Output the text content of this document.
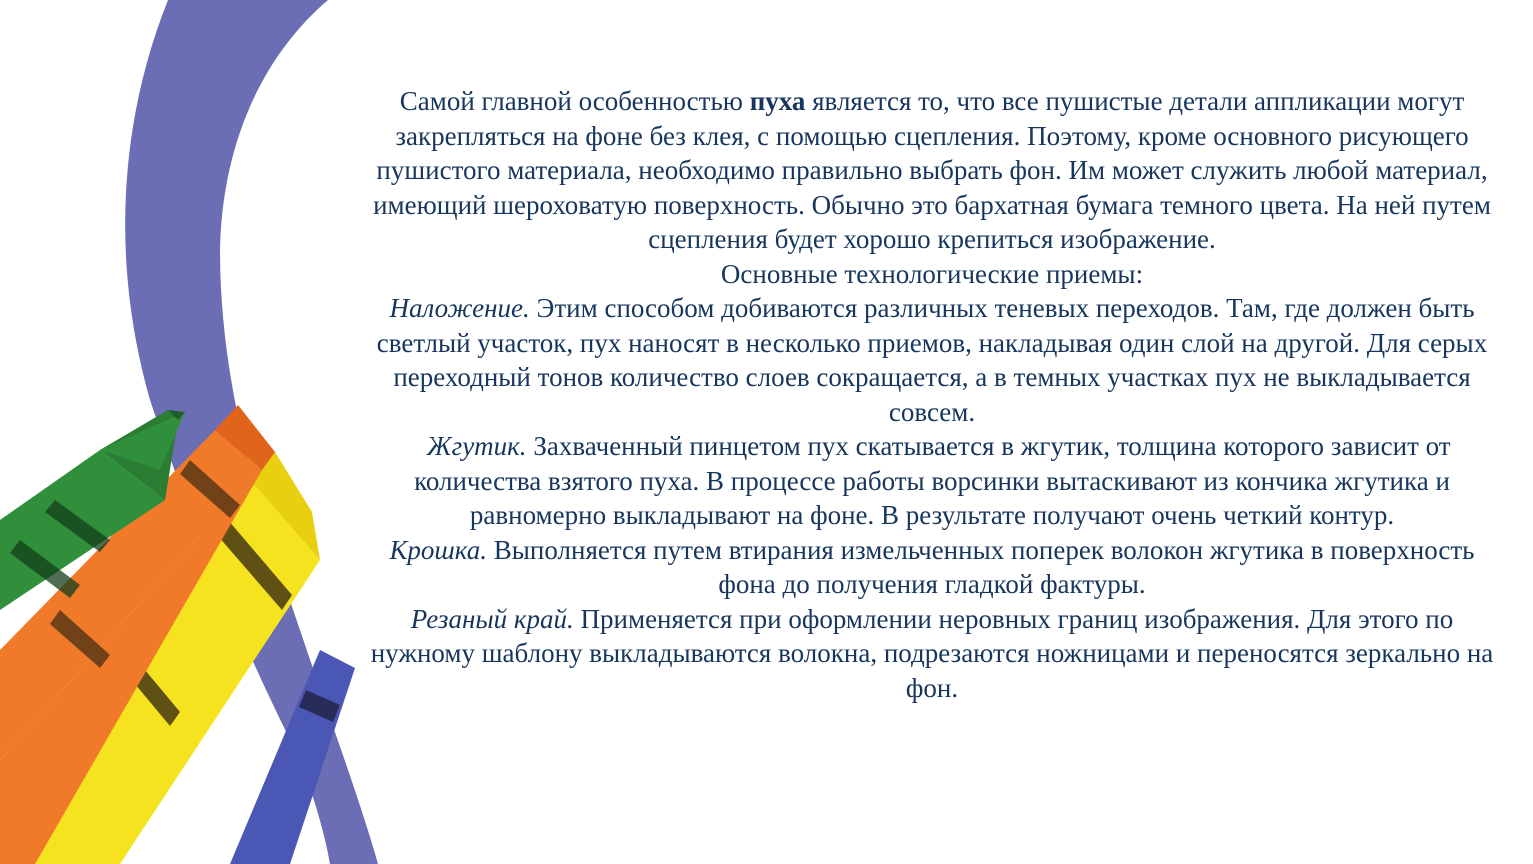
Самой главной особенностью пуха является то, что все пушистые детали аппликации могут закрепляться на фоне без клея, с помощью сцепления. Поэтому, кроме основного рисующего пушистого материала, необходимо правильно выбрать фон. Им может служить любой материал, имеющий шероховатую поверхность. Обычно это бархатная бумага темного цвета. На ней путем сцепления будет хорошо крепиться изображение.

Основные технологические приемы:

Наложение. Этим способом добиваются различных теневых переходов. Там, где должен быть светлый участок, пух наносят в несколько приемов, накладывая один слой на другой. Для серых переходный тонов количество слоев сокращается, а в темных участках пух не выкладывается совсем.

Жгутик. Захваченный пинцетом пух скатывается в жгутик, толщина которого зависит от количества взятого пуха. В процессе работы ворсинки вытаскивают из кончика жгутика и равномерно выкладывают на фоне. В результате получают очень четкий контур.

Крошка. Выполняется путем втирания измельченных поперек волокон жгутика в поверхность фона до получения гладкой фактуры.

Резаный край. Применяется при оформлении неровных границ изображения. Для этого по нужному шаблону выкладываются волокна, подрезаются ножницами и переносятся зеркально на фон.
